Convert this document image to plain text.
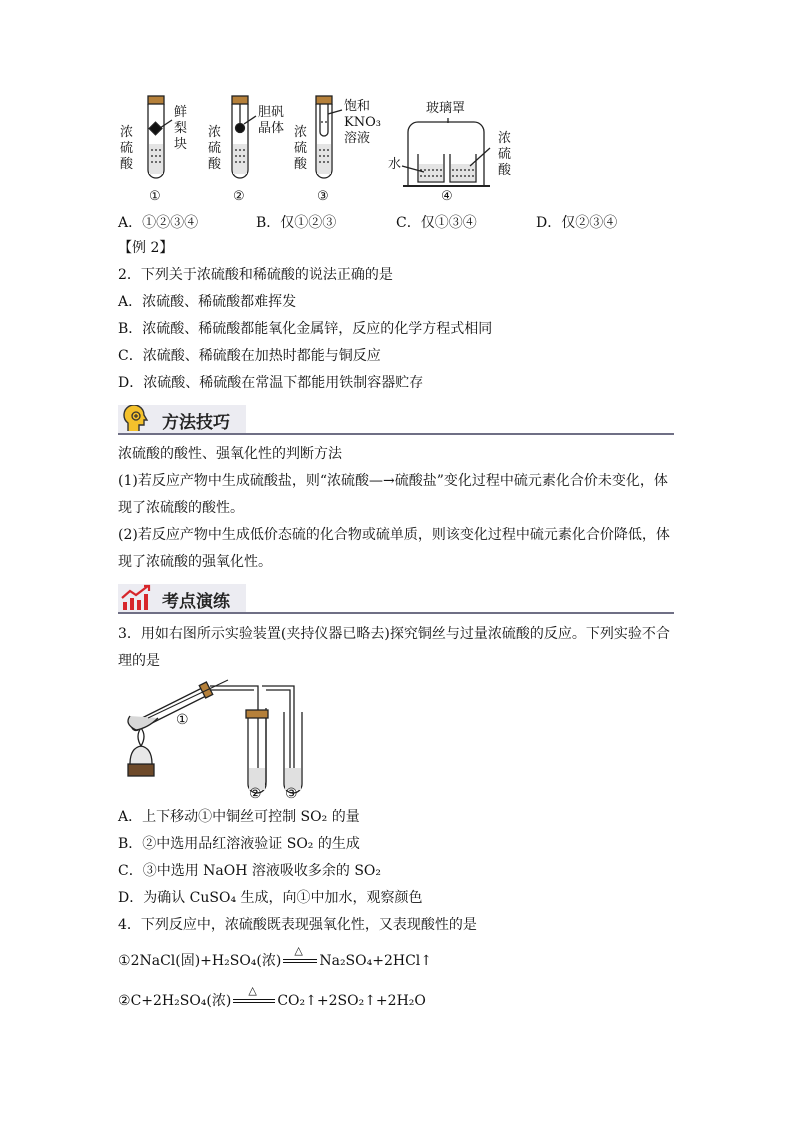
浓
硫
酸
鲜
梨
块
①
浓
硫
酸
胆矾
晶体
②
浓
硫
酸
饱和
KNO₃
溶液
③
玻璃罩
水
浓
硫
酸
④
A．①②③④	B．仅①②③	C．仅①③④	D．仅②③④
【例 2】
2．下列关于浓硫酸和稀硫酸的说法正确的是
A．浓硫酸、稀硫酸都难挥发
B．浓硫酸、稀硫酸都能氧化金属锌，反应的化学方程式相同
C．浓硫酸、稀硫酸在加热时都能与铜反应
D．浓硫酸、稀硫酸在常温下都能用铁制容器贮存
方法技巧
浓硫酸的酸性、强氧化性的判断方法
(1)若反应产物中生成硫酸盐，则“浓硫酸—→硫酸盐”变化过程中硫元素化合价未变化，体
现了浓硫酸的酸性。
(2)若反应产物中生成低价态硫的化合物或硫单质，则该变化过程中硫元素化合价降低，体
现了浓硫酸的强氧化性。
考点演练
3．用如右图所示实验装置(夹持仪器已略去)探究铜丝与过量浓硫酸的反应。下列实验不合
理的是
①
② ③
A．上下移动①中铜丝可控制 SO₂ 的量
B．②中选用品红溶液验证 SO₂ 的生成
C．③中选用 NaOH 溶液吸收多余的 SO₂
D．为确认 CuSO₄ 生成，向①中加水，观察颜色
4．下列反应中，浓硫酸既表现强氧化性，又表现酸性的是
①2NaCl(固)+H₂SO₄(浓)
△
Na₂SO₄+2HCl↑
②C+2H₂SO₄(浓)
△
CO₂↑+2SO₂↑+2H₂O
